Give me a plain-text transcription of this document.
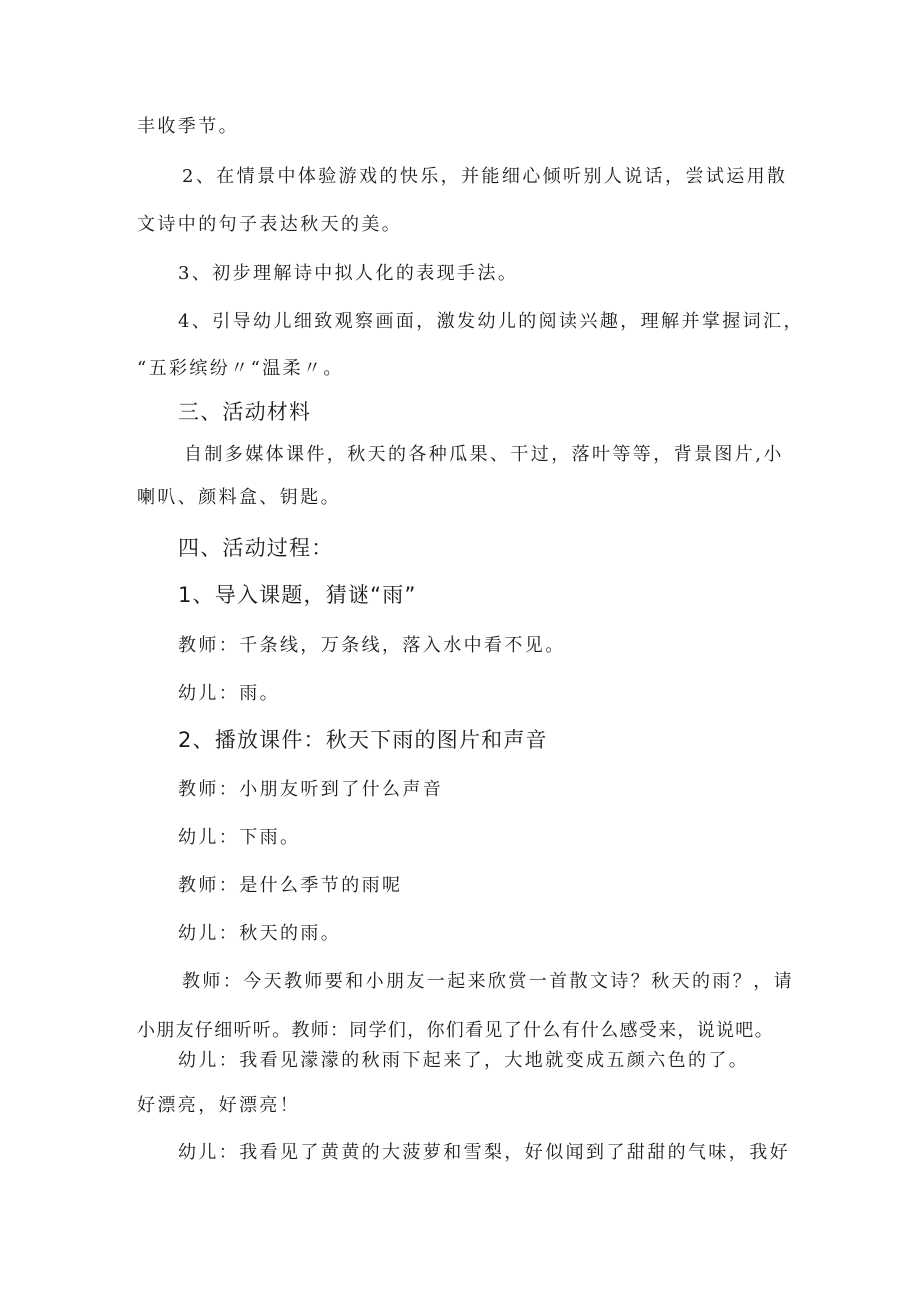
丰收季节。
2、在情景中体验游戏的快乐，并能细心倾听别人说话，尝试运用散
文诗中的句子表达秋天的美。
3、初步理解诗中拟人化的表现手法。
4、引导幼儿细致观察画面，激发幼儿的阅读兴趣，理解并掌握词汇，
“五彩缤纷〃“温柔〃。
三、活动材料
自制多媒体课件，秋天的各种瓜果、干过，落叶等等，背景图片,小
喇叭、颜料盒、钥匙。
四、活动过程：
1、导入课题，猜谜“雨”
教师：千条线，万条线，落入水中看不见。
幼儿：雨。
2、播放课件：秋天下雨的图片和声音
教师：小朋友听到了什么声音
幼儿：下雨。
教师：是什么季节的雨呢
幼儿：秋天的雨。
教师：今天教师要和小朋友一起来欣赏一首散文诗？秋天的雨？，请
小朋友仔细听听。教师：同学们，你们看见了什么有什么感受来，说说吧。
幼儿：我看见濛濛的秋雨下起来了，大地就变成五颜六色的了。
好漂亮，好漂亮！
幼儿：我看见了黄黄的大菠萝和雪梨，好似闻到了甜甜的气味，我好
